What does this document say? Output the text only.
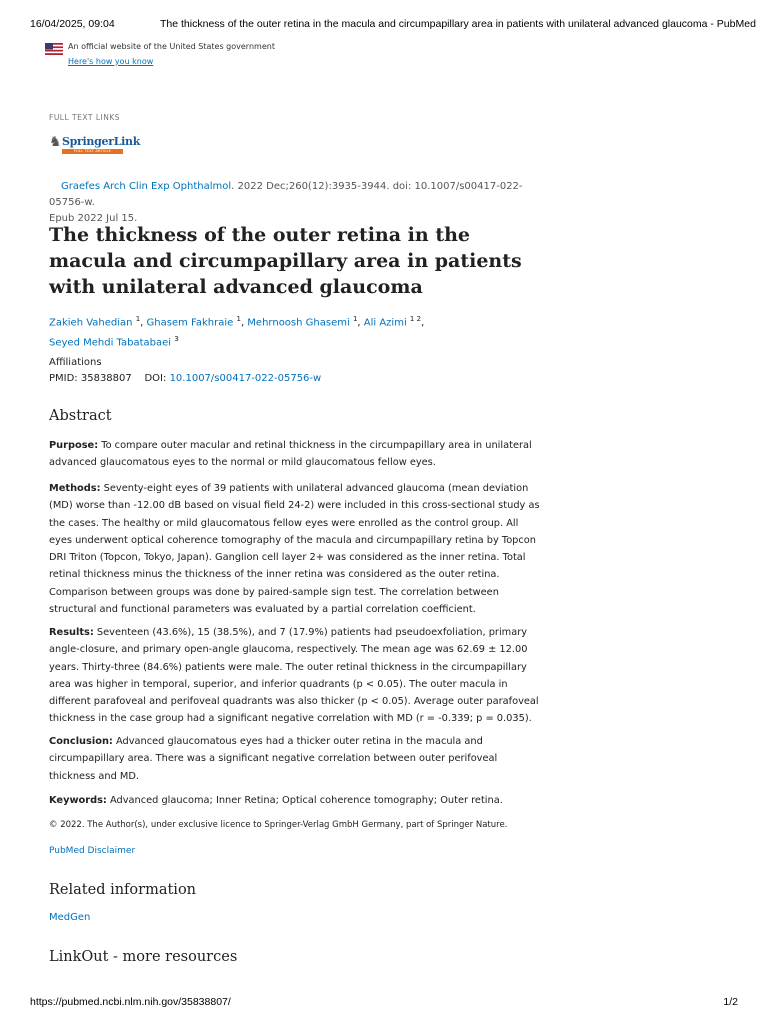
16/04/2025, 09:04	The thickness of the outer retina in the macula and circumpapillary area in patients with unilateral advanced glaucoma - PubMed
An official website of the United States government
Here's how you know
FULL TEXT LINKS
♞ SpringerLink
FULL TEXT ARTICLE
Graefes Arch Clin Exp Ophthalmol. 2022 Dec;260(12):3935-3944. doi: 10.1007/s00417-022-05756-w.
Epub 2022 Jul 15.
The thickness of the outer retina in the macula and circumpapillary area in patients with unilateral advanced glaucoma
Zakieh Vahedian $^1$, Ghasem Fakhraie $^1$, Mehrnoosh Ghasemi $^1$, Ali Azimi $^{1 2}$,
Seyed Mehdi Tabatabaei $^3$
Affiliations
PMID: 35838807 DOI: 10.1007/s00417-022-05756-w
Abstract

Purpose: To compare outer macular and retinal thickness in the circumpapillary area in unilateral advanced glaucomatous eyes to the normal or mild glaucomatous fellow eyes.

Methods: Seventy-eight eyes of 39 patients with unilateral advanced glaucoma (mean deviation (MD) worse than -12.00 dB based on visual field 24-2) were included in this cross-sectional study as the cases. The healthy or mild glaucomatous fellow eyes were enrolled as the control group. All eyes underwent optical coherence tomography of the macula and circumpapillary retina by Topcon DRI Triton (Topcon, Tokyo, Japan). Ganglion cell layer 2+ was considered as the inner retina. Total retinal thickness minus the thickness of the inner retina was considered as the outer retina. Comparison between groups was done by paired-sample sign test. The correlation between structural and functional parameters was evaluated by a partial correlation coefficient.

Results: Seventeen (43.6%), 15 (38.5%), and 7 (17.9%) patients had pseudoexfoliation, primary angle-closure, and primary open-angle glaucoma, respectively. The mean age was 62.69 ± 12.00 years. Thirty-three (84.6%) patients were male. The outer retinal thickness in the circumpapillary area was higher in temporal, superior, and inferior quadrants (p < 0.05). The outer macula in different parafoveal and perifoveal quadrants was also thicker (p < 0.05). Average outer parafoveal thickness in the case group had a significant negative correlation with MD (r = -0.339; p = 0.035).

Conclusion: Advanced glaucomatous eyes had a thicker outer retina in the macula and circumpapillary area. There was a significant negative correlation between outer perifoveal thickness and MD.

Keywords: Advanced glaucoma; Inner Retina; Optical coherence tomography; Outer retina.

© 2022. The Author(s), under exclusive licence to Springer-Verlag GmbH Germany, part of Springer Nature.
PubMed Disclaimer
Related information
MedGen
LinkOut - more resources
https://pubmed.ncbi.nlm.nih.gov/35838807/	1/2
